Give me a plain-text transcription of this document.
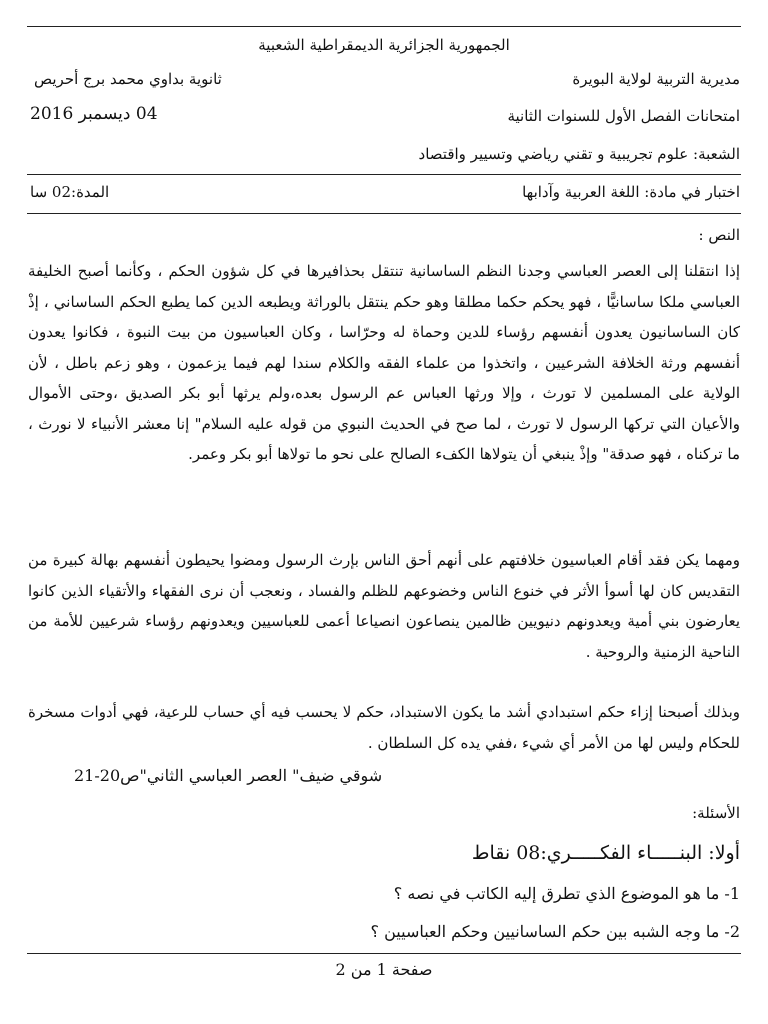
الجمهورية الجزائرية الديمقراطية الشعبية
مديرية التربية لولاية البويرة
ثانوية بداوي محمد برج أحريص
امتحانات الفصل الأول للسنوات الثانية
04 ديسمبر 2016
الشعبة: علوم تجريبية و تقني رياضي وتسيير واقتصاد
اختبار في مادة: اللغة العربية وآدابها
المدة:02 سا
النص :
إذا انتقلنا إلى العصر العباسي وجدنا النظم الساسانية تنتقل بحذافيرها في كل شؤون الحكم ، وكأنما أصبح الخليفة العباسي ملكا ساسانيًّا ، فهو يحكم حكما مطلقا وهو حكم ينتقل بالوراثة ويطبعه الدين كما يطبع الحكم الساساني ، إذْ كان الساسانيون يعدون أنفسهم رؤساء للدين وحماة له وحرّاسا ، وكان العباسيون من بيت النبوة ، فكانوا يعدون أنفسهم ورثة الخلافة الشرعيين ، واتخذوا من علماء الفقه والكلام سندا لهم فيما يزعمون ، وهو زعم باطل ، لأن الولاية على المسلمين لا تورث ، وإلا ورثها العباس عم الرسول بعده،ولم يرثها أبو بكر الصديق ،وحتى الأموال والأعيان التي تركها الرسول لا تورث ، لما صح في الحديث النبوي من قوله عليه السلام" إنا معشر الأنبياء لا نورث ، ما تركناه ، فهو صدقة" وإذْ ينبغي أن يتولاها الكفء الصالح على نحو ما تولاها أبو بكر وعمر.
ومهما يكن فقد أقام العباسيون خلافتهم على أنهم أحق الناس بإرث الرسول ومضوا يحيطون أنفسهم بهالة كبيرة من التقديس كان لها أسوأ الأثر في خنوع الناس وخضوعهم للظلم والفساد ، ونعجب أن نرى الفقهاء والأتقياء الذين كانوا يعارضون بني أمية ويعدونهم دنيويين ظالمين ينصاعون انصياعا أعمى للعباسيين ويعدونهم رؤساء شرعيين للأمة من الناحية الزمنية والروحية .
وبذلك أصبحنا إزاء حكم استبدادي أشد ما يكون الاستبداد، حكم لا يحسب فيه أي حساب للرعية، فهي أدوات مسخرة للحكام وليس لها من الأمر أي شيء ،ففي يده كل السلطان .
شوقي ضيف" العصر العباسي الثاني"ص20-21
الأسئلة:
أولا: البنـــــاء الفكـــــري:08 نقاط
1- ما هو الموضوع الذي تطرق إليه الكاتب في نصه ؟
2- ما وجه الشبه بين حكم الساسانيين وحكم العباسيين ؟
صفحة 1 من 2
